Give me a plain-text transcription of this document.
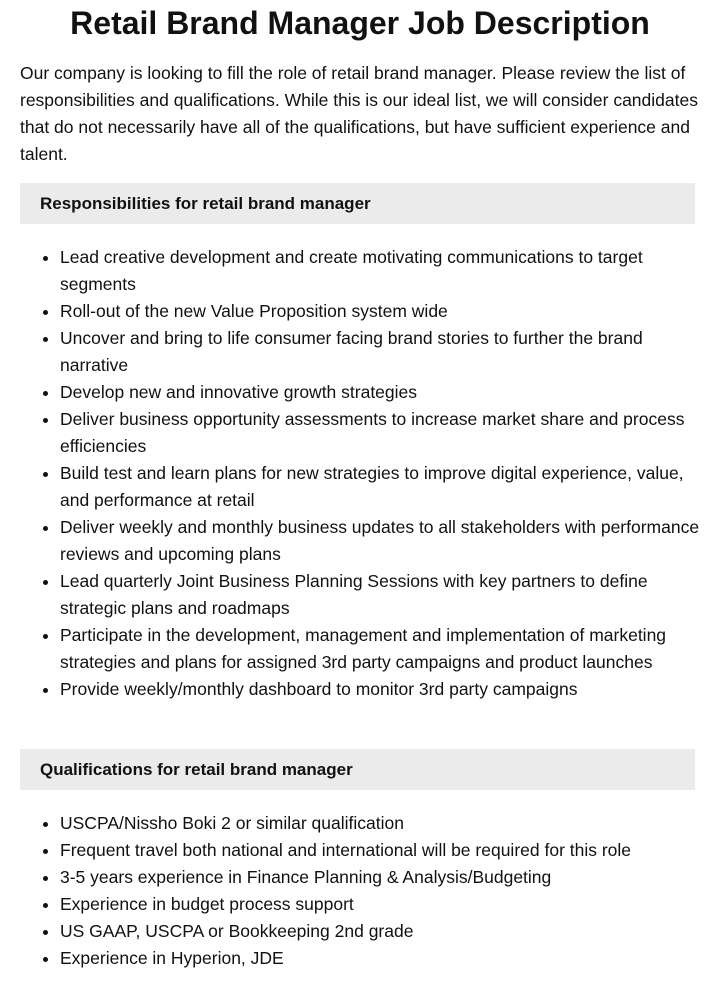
Retail Brand Manager Job Description

Our company is looking to fill the role of retail brand manager. Please review the list of responsibilities and qualifications. While this is our ideal list, we will consider candidates that do not necessarily have all of the qualifications, but have sufficient experience and talent.

Responsibilities for retail brand manager
• Lead creative development and create motivating communications to target segments
• Roll-out of the new Value Proposition system wide
• Uncover and bring to life consumer facing brand stories to further the brand narrative
• Develop new and innovative growth strategies
• Deliver business opportunity assessments to increase market share and process efficiencies
• Build test and learn plans for new strategies to improve digital experience, value, and performance at retail
• Deliver weekly and monthly business updates to all stakeholders with performance reviews and upcoming plans
• Lead quarterly Joint Business Planning Sessions with key partners to define strategic plans and roadmaps
• Participate in the development, management and implementation of marketing strategies and plans for assigned 3rd party campaigns and product launches
• Provide weekly/monthly dashboard to monitor 3rd party campaigns
Qualifications for retail brand manager
• USCPA/Nissho Boki 2 or similar qualification
• Frequent travel both national and international will be required for this role
• 3-5 years experience in Finance Planning & Analysis/Budgeting
• Experience in budget process support
• US GAAP, USCPA or Bookkeeping 2nd grade
• Experience in Hyperion, JDE
